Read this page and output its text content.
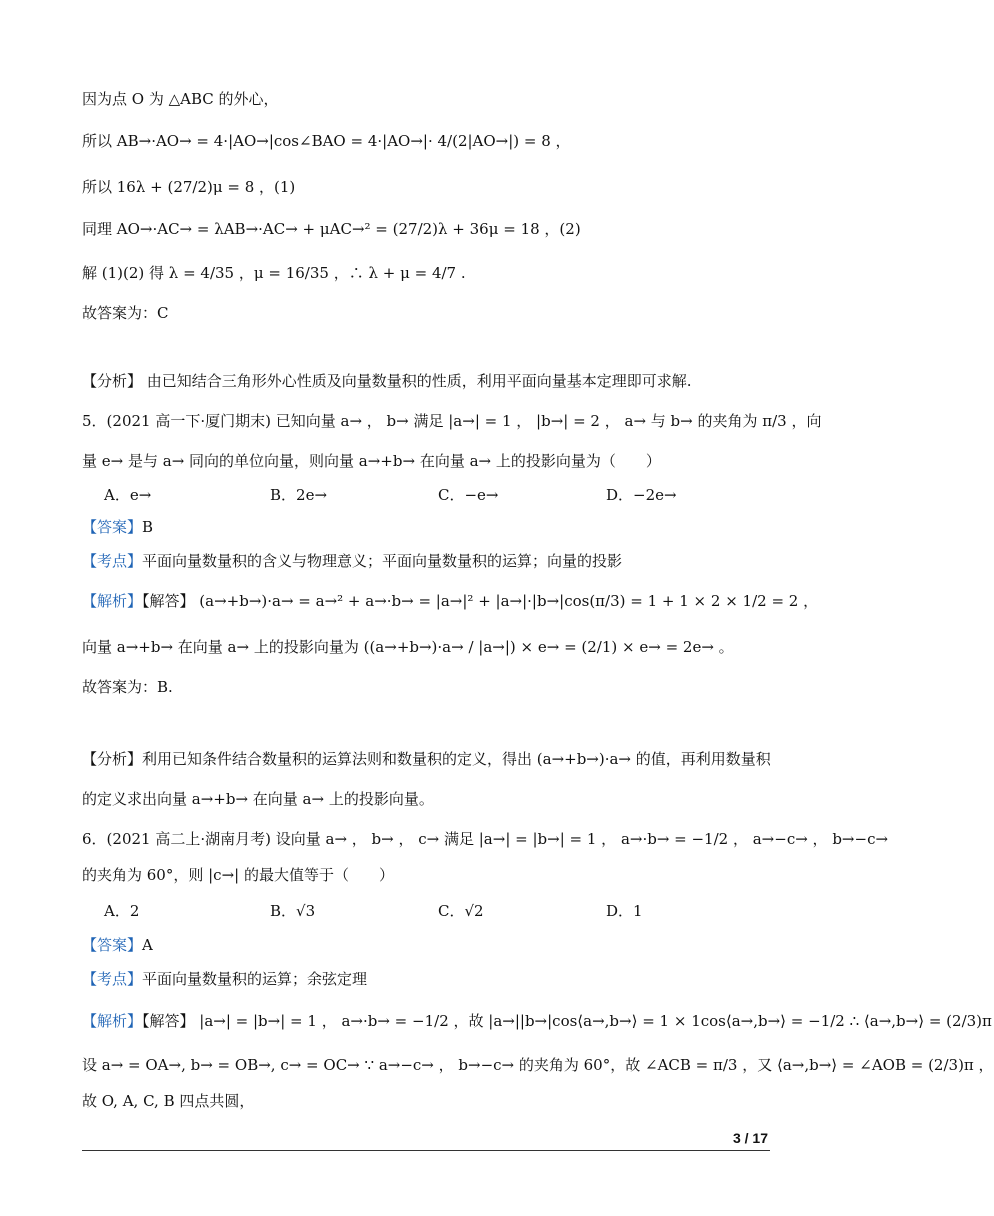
因为点 O 为 △ABC 的外心，
所以 AB→·AO→ = 4·|AO→|cos∠BAO = 4·|AO→|· 4/(2|AO→|) = 8 ，
所以 16λ + (27/2)μ = 8 ，(1)
同理 AO→·AC→ = λAB→·AC→ + μAC→² = (27/2)λ + 36μ = 18 ，(2)
解 (1)(2) 得 λ = 4/35 ，μ = 16/35 ，∴ λ + μ = 4/7 .
故答案为：C
【分析】 由已知结合三角形外心性质及向量数量积的性质，利用平面向量基本定理即可求解.
5．(2021 高一下·厦门期末) 已知向量 a→ ， b→ 满足 |a→| = 1 ， |b→| = 2 ， a→ 与 b→ 的夹角为 π/3 ，向
量 e→ 是与 a→ 同向的单位向量，则向量 a→+b→ 在向量 a→ 上的投影向量为（　　）
A．e→	B．2e→	C．−e→	D．−2e→
【答案】B
【考点】平面向量数量积的含义与物理意义；平面向量数量积的运算；向量的投影
【解析】【解答】 (a→+b→)·a→ = a→² + a→·b→ = |a→|² + |a→|·|b→|cos(π/3) = 1 + 1 × 2 × 1/2 = 2 ，
向量 a→+b→ 在向量 a→ 上的投影向量为 ((a→+b→)·a→ / |a→|) × e→ = (2/1) × e→ = 2e→ 。
故答案为：B.
【分析】利用已知条件结合数量积的运算法则和数量积的定义，得出 (a→+b→)·a→ 的值，再利用数量积
的定义求出向量 a→+b→ 在向量 a→ 上的投影向量。
6．(2021 高二上·湖南月考) 设向量 a→ ， b→ ， c→ 满足 |a→| = |b→| = 1 ， a→·b→ = −1/2 ， a→−c→ ， b→−c→
的夹角为 60°，则 |c→| 的最大值等于（　　）
A．2	B．√3	C．√2	D．1
【答案】A
【考点】平面向量数量积的运算；余弦定理
【解析】【解答】 |a→| = |b→| = 1 ， a→·b→ = −1/2 ，故 |a→||b→|cos⟨a→,b→⟩ = 1 × 1cos⟨a→,b→⟩ = −1/2 ∴ ⟨a→,b→⟩ = (2/3)π
设 a→ = OA→, b→ = OB→, c→ = OC→ ∵ a→−c→ ， b→−c→ 的夹角为 60°，故 ∠ACB = π/3 ，又 ⟨a→,b→⟩ = ∠AOB = (2/3)π ，
故 O, A, C, B 四点共圆，
3 / 17
